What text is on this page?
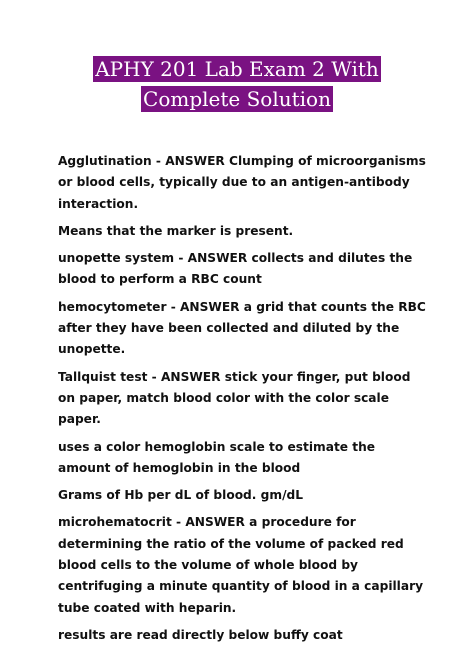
APHY 201 Lab Exam 2 With
Complete Solution

Agglutination - ANSWER Clumping of microorganisms or blood cells, typically due to an antigen-antibody interaction.

Means that the marker is present.

unopette system - ANSWER collects and dilutes the blood to perform a RBC count

hemocytometer - ANSWER a grid that counts the RBC after they have been collected and diluted by the unopette.

Tallquist test - ANSWER stick your finger, put blood on paper, match blood color with the color scale paper.

uses a color hemoglobin scale to estimate the amount of hemoglobin in the blood

Grams of Hb per dL of blood. gm/dL

microhematocrit - ANSWER a procedure for determining the ratio of the volume of packed red blood cells to the volume of whole blood by centrifuging a minute quantity of blood in a capillary tube coated with heparin.

results are read directly below buffy coat
